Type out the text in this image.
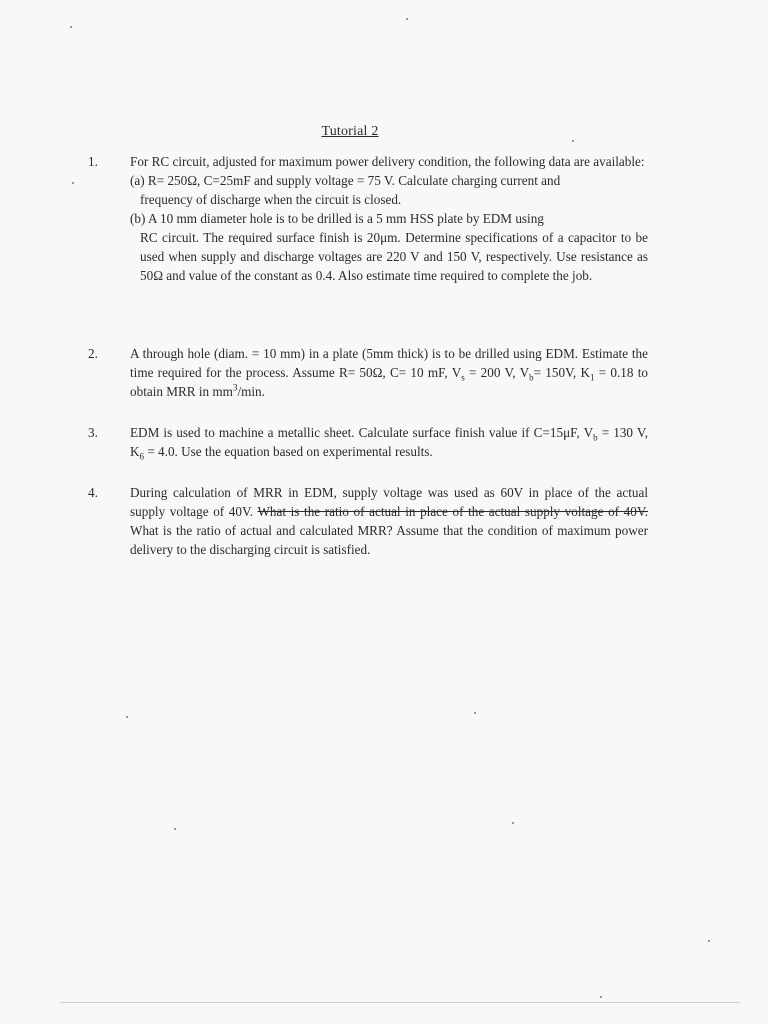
Tutorial 2
1.	For RC circuit, adjusted for maximum power delivery condition, the following data are available:
(a) R= 250Ω, C=25mF and supply voltage = 75 V. Calculate charging current and
frequency of discharge when the circuit is closed.
(b) A 10 mm diameter hole is to be drilled is a 5 mm HSS plate by EDM using
RC circuit. The required surface finish is 20μm. Determine specifications of a capacitor to be used when supply and discharge voltages are 220 V and 150 V, respectively. Use resistance as 50Ω and value of the constant as 0.4. Also estimate time required to complete the job.
2.	A through hole (diam. = 10 mm) in a plate (5mm thick) is to be drilled using EDM. Estimate the time required for the process. Assume R= 50Ω, C= 10 mF, $V_s = 200$ V, $V_b= 150V$, $K_1 = 0.18$ to obtain MRR in $mm^3/\min$.
3.	EDM is used to machine a metallic sheet. Calculate surface finish value if C=15μF, $V_b = 130$ V, $K_6 = 4.0$. Use the equation based on experimental results.
4.	During calculation of MRR in EDM, supply voltage was used as 60V in place of the actual supply voltage of 40V. What is the ratio of actual in place of the actual supply voltage of 40V. What is the ratio of actual and calculated MRR? Assume that the condition of maximum power delivery to the discharging circuit is satisfied.
